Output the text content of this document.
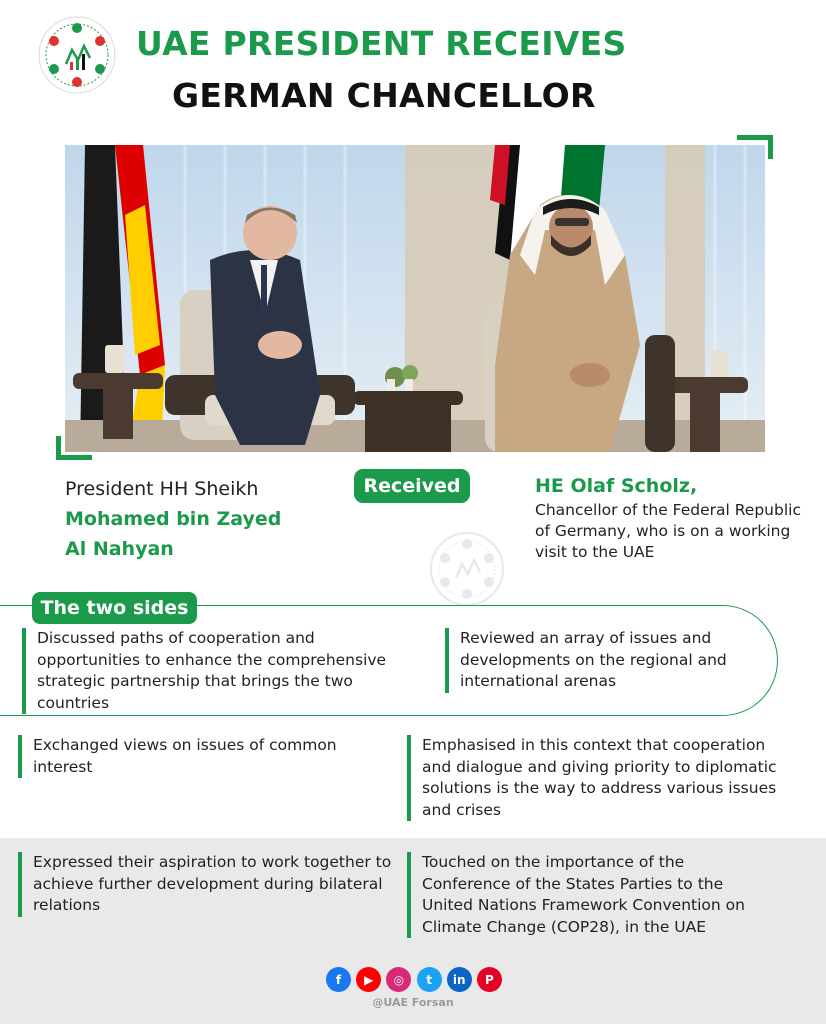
UAE PRESIDENT RECEIVES
GERMAN CHANCELLOR
President HH Sheikh
Mohamed bin Zayed
Al Nahyan
Received	HE Olaf Scholz,
Chancellor of the Federal Republic of Germany, who is on a working visit to the UAE
The two sides
Discussed paths of cooperation and opportunities to enhance the comprehensive strategic partnership that brings the two countries
Reviewed an array of issues and developments on the regional and international arenas
Exchanged views on issues of common interest
Emphasised in this context that cooperation and dialogue and giving priority to diplomatic solutions is the way to address various issues and crises
Expressed their aspiration to work together to achieve further development during bilateral relations
Touched on the importance of the Conference of the States Parties to the United Nations Framework Convention on Climate Change (COP28), in the UAE
f	▶	◎	t	in	P
@UAE Forsan
